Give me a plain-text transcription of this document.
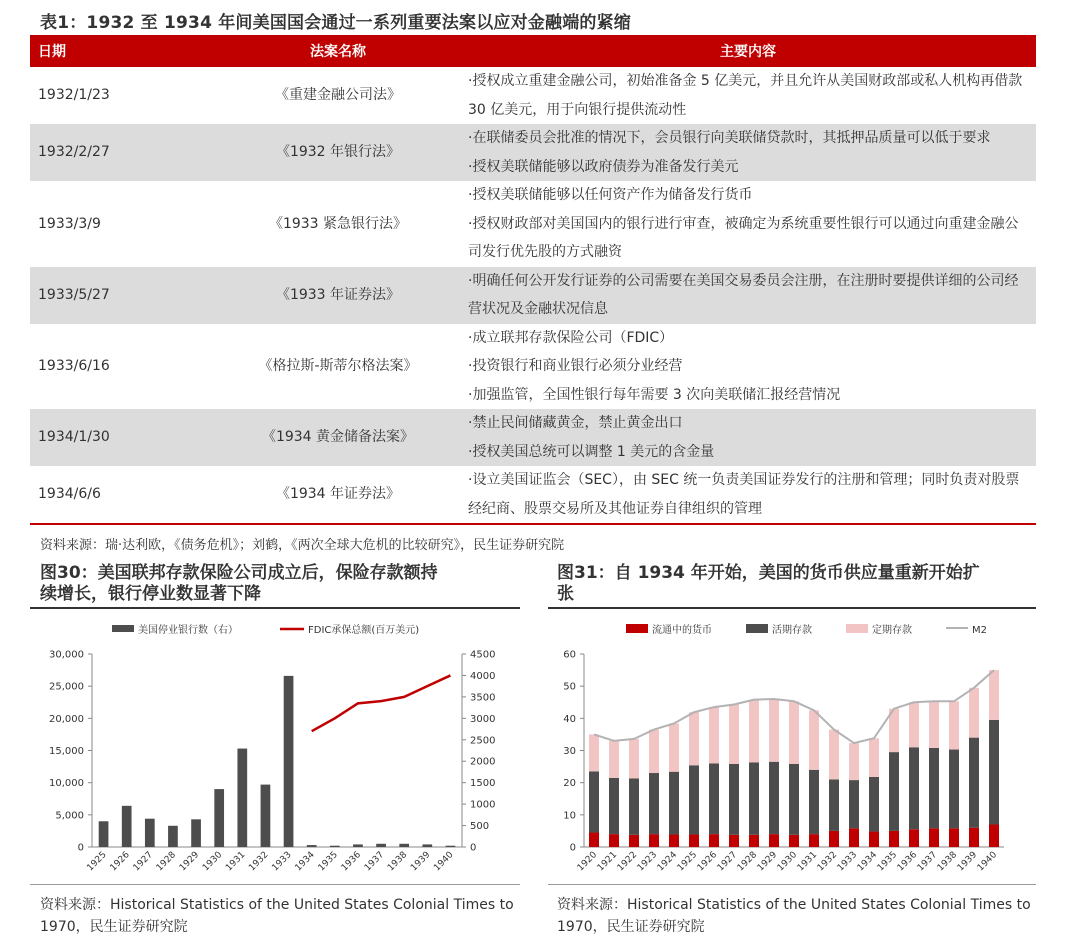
表1：1932 至 1934 年间美国国会通过一系列重要法案以应对金融端的紧缩
日期	法案名称	主要内容
1932/1/23	《重建金融公司法》	·授权成立重建金融公司，初始准备金 5 亿美元，并且允许从美国财政部或私人机构再借款
30 亿美元，用于向银行提供流动性

1932/2/27	《1932 年银行法》	·在联储委员会批准的情况下，会员银行向美联储贷款时，其抵押品质量可以低于要求
·授权美联储能够以政府债券为准备发行美元

1933/3/9	《1933 紧急银行法》	·授权美联储能够以任何资产作为储备发行货币
·授权财政部对美国国内的银行进行审查，被确定为系统重要性银行可以通过向重建金融公
司发行优先股的方式融资

1933/5/27	《1933 年证券法》	·明确任何公开发行证券的公司需要在美国交易委员会注册，在注册时要提供详细的公司经
营状况及金融状况信息

1933/6/16	《格拉斯-斯蒂尔格法案》	·成立联邦存款保险公司（FDIC）
·投资银行和商业银行必须分业经营
·加强监管，全国性银行每年需要 3 次向美联储汇报经营情况

1934/1/30	《1934 黄金储备法案》	·禁止民间储藏黄金，禁止黄金出口
·授权美国总统可以调整 1 美元的含金量

1934/6/6	《1934 年证券法》	·设立美国证监会（SEC），由 SEC 统一负责美国证券发行的注册和管理；同时负责对股票
经纪商、股票交易所及其他证券自律组织的管理
资料来源：瑞·达利欧，《债务危机》；刘鹤，《两次全球大危机的比较研究》，民生证券研究院
图30：美国联邦存款保险公司成立后，保险存款额持
续增长，银行停业数显著下降
美国停业银行数（右）	FDIC承保总额(百万美元)
0
5,000
10,000
15,000
20,000
25,000
30,000
0
500
1000
1500
2000
2500
3000
3500
4000
4500
1925 1926 1927 1928 1929 1930 1931 1932 1933 1934 1935 1936 1937 1938 1939 1940
资料来源：Historical Statistics of the United States Colonial Times to
1970，民生证券研究院
图31：自 1934 年开始，美国的货币供应量重新开始扩
张
流通中的货币	活期存款	定期存款	M2
0
10
20
30
40
50
60
1920
1921
1922
1923
1924
1925
1926
1927
1928
1929
1930
1931
1932
1933
1934
1935
1936
1937
1938
1939
1940
资料来源：Historical Statistics of the United States Colonial Times to
1970，民生证券研究院
